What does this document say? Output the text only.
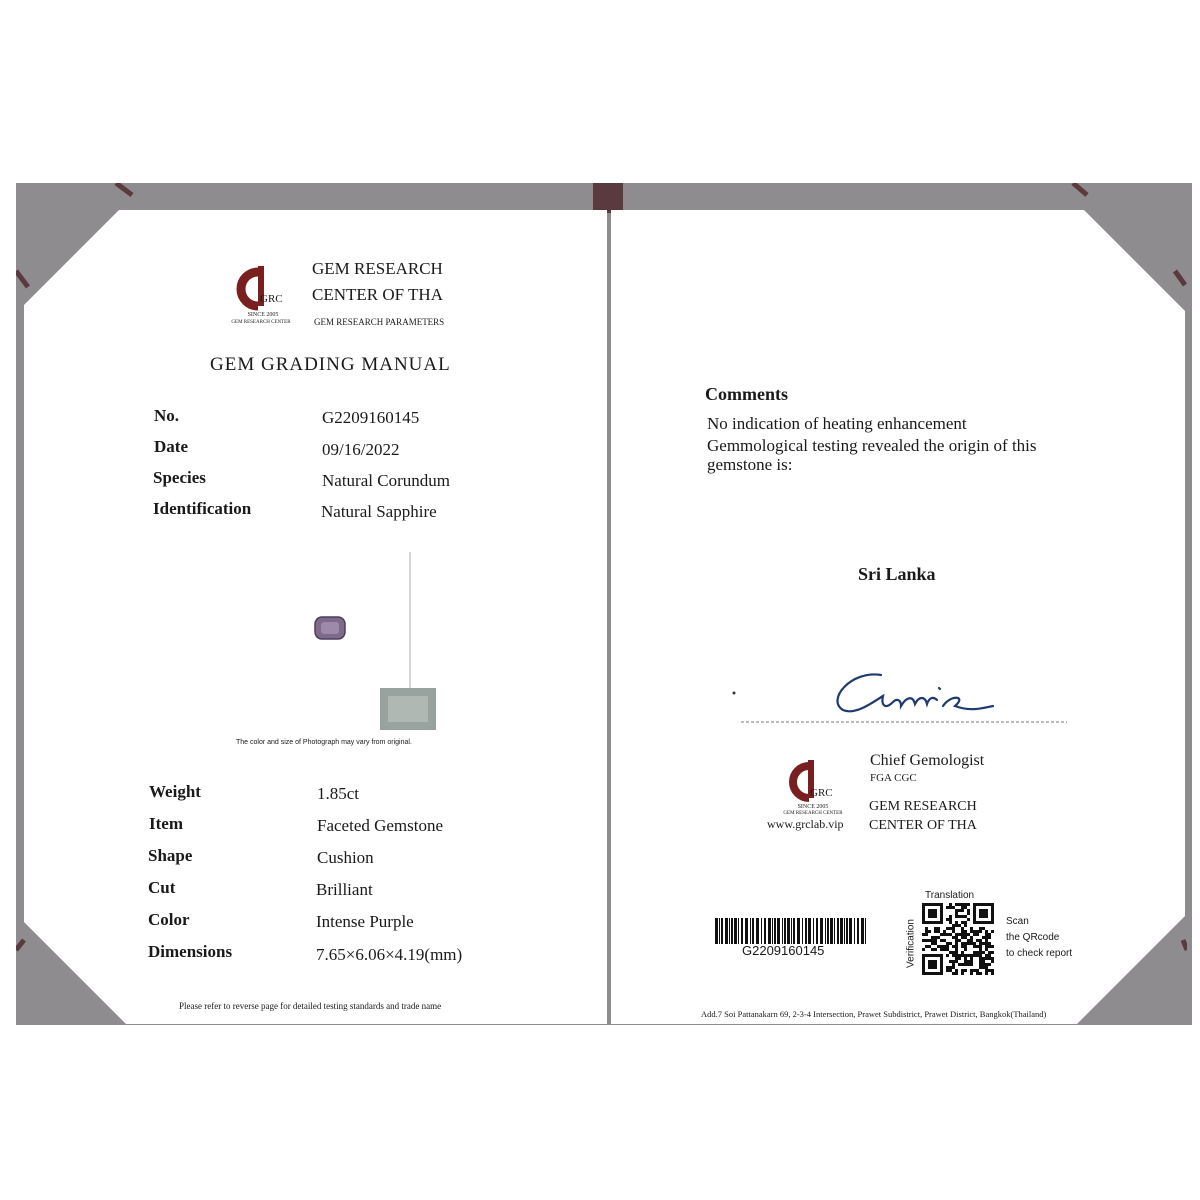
GRC
SINCE 2005
GEM RESEARCH CENTER
GEM RESEARCH
CENTER OF THA
GEM RESEARCH PARAMETERS
GEM GRADING MANUAL
No.	G2209160145
Date	09/16/2022
Species	Natural Corundum
Identification	Natural Sapphire
The color and size of Photograph may vary from original.
Weight	1.85ct
Item	Faceted Gemstone
Shape	Cushion
Cut	Brilliant
Color	Intense Purple
Dimensions	7.65×6.06×4.19(mm)
Please refer to reverse page for detailed testing standards and trade name
Comments
No indication of heating enhancement
Gemmological testing revealed the origin of this
gemstone is:
Sri Lanka
GRC
SINCE 2005
GEM RESEARCH CENTER
www.grclab.vip
Chief Gemologist
FGA CGC
GEM RESEARCH
CENTER OF THA
G2209160145
Translation
Verification	Scan
the QRcode
to check report
Add.7 Soi Pattanakarn 69, 2-3-4 Intersection, Prawet Subdistrict, Prawet District, Bangkok(Thailand)
